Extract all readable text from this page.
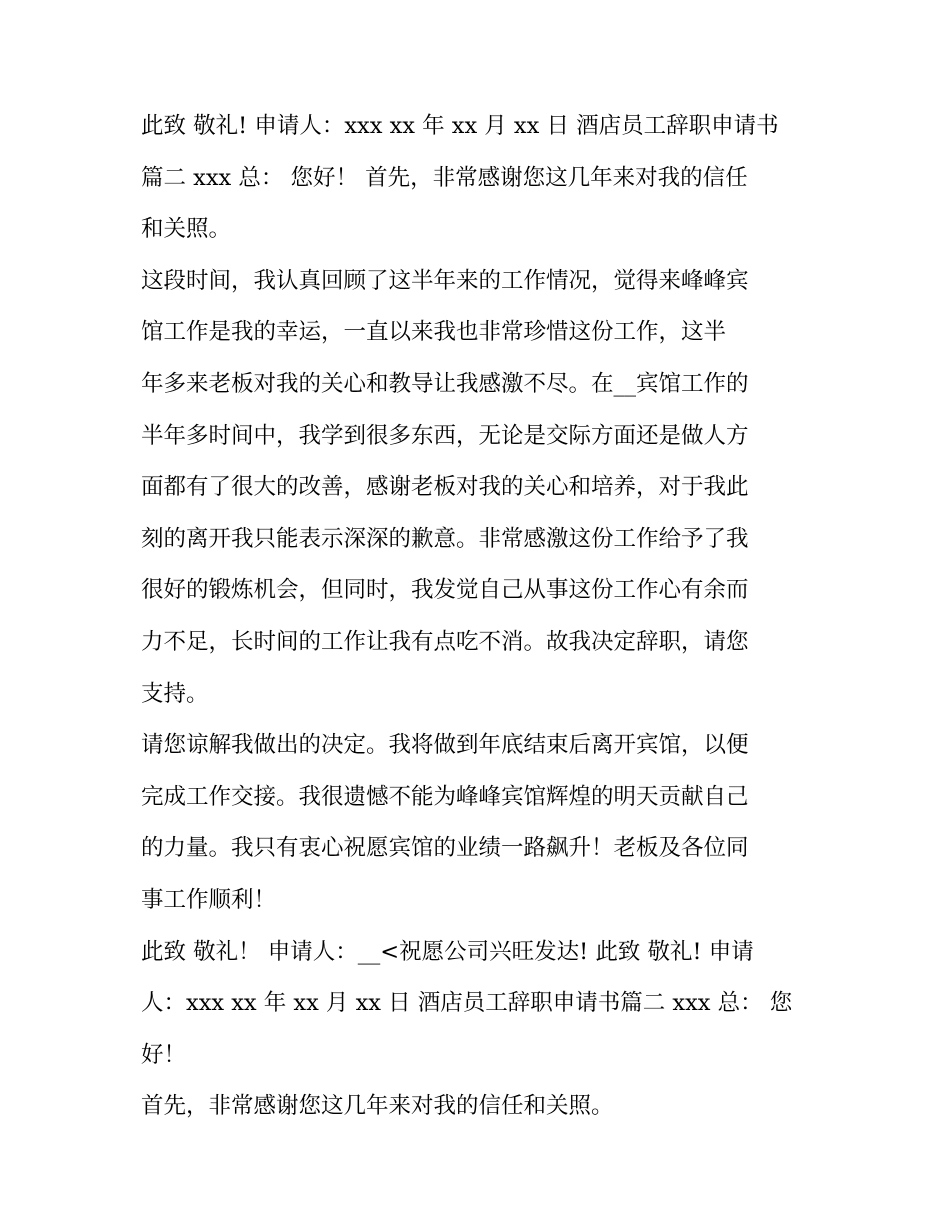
此致 敬礼! 申请人：xxx xx 年 xx 月 xx 日 酒店员工辞职申请书
篇二 xxx 总： 您好！ 首先，非常感谢您这几年来对我的信任
和关照。

这段时间，我认真回顾了这半年来的工作情况，觉得来峰峰宾
馆工作是我的幸运，一直以来我也非常珍惜这份工作，这半
年多来老板对我的关心和教导让我感激不尽。在__宾馆工作的
半年多时间中，我学到很多东西，无论是交际方面还是做人方
面都有了很大的改善，感谢老板对我的关心和培养，对于我此
刻的离开我只能表示深深的歉意。非常感激这份工作给予了我
很好的锻炼机会，但同时，我发觉自己从事这份工作心有余而
力不足，长时间的工作让我有点吃不消。故我决定辞职，请您
支持。

请您谅解我做出的决定。我将做到年底结束后离开宾馆，以便
完成工作交接。我很遗憾不能为峰峰宾馆辉煌的明天贡献自己
的力量。我只有衷心祝愿宾馆的业绩一路飙升！老板及各位同
事工作顺利！

此致 敬礼！ 申请人：__<祝愿公司兴旺发达! 此致 敬礼! 申请
人：xxx xx 年 xx 月 xx 日 酒店员工辞职申请书篇二 xxx 总： 您
好！

首先，非常感谢您这几年来对我的信任和关照。
